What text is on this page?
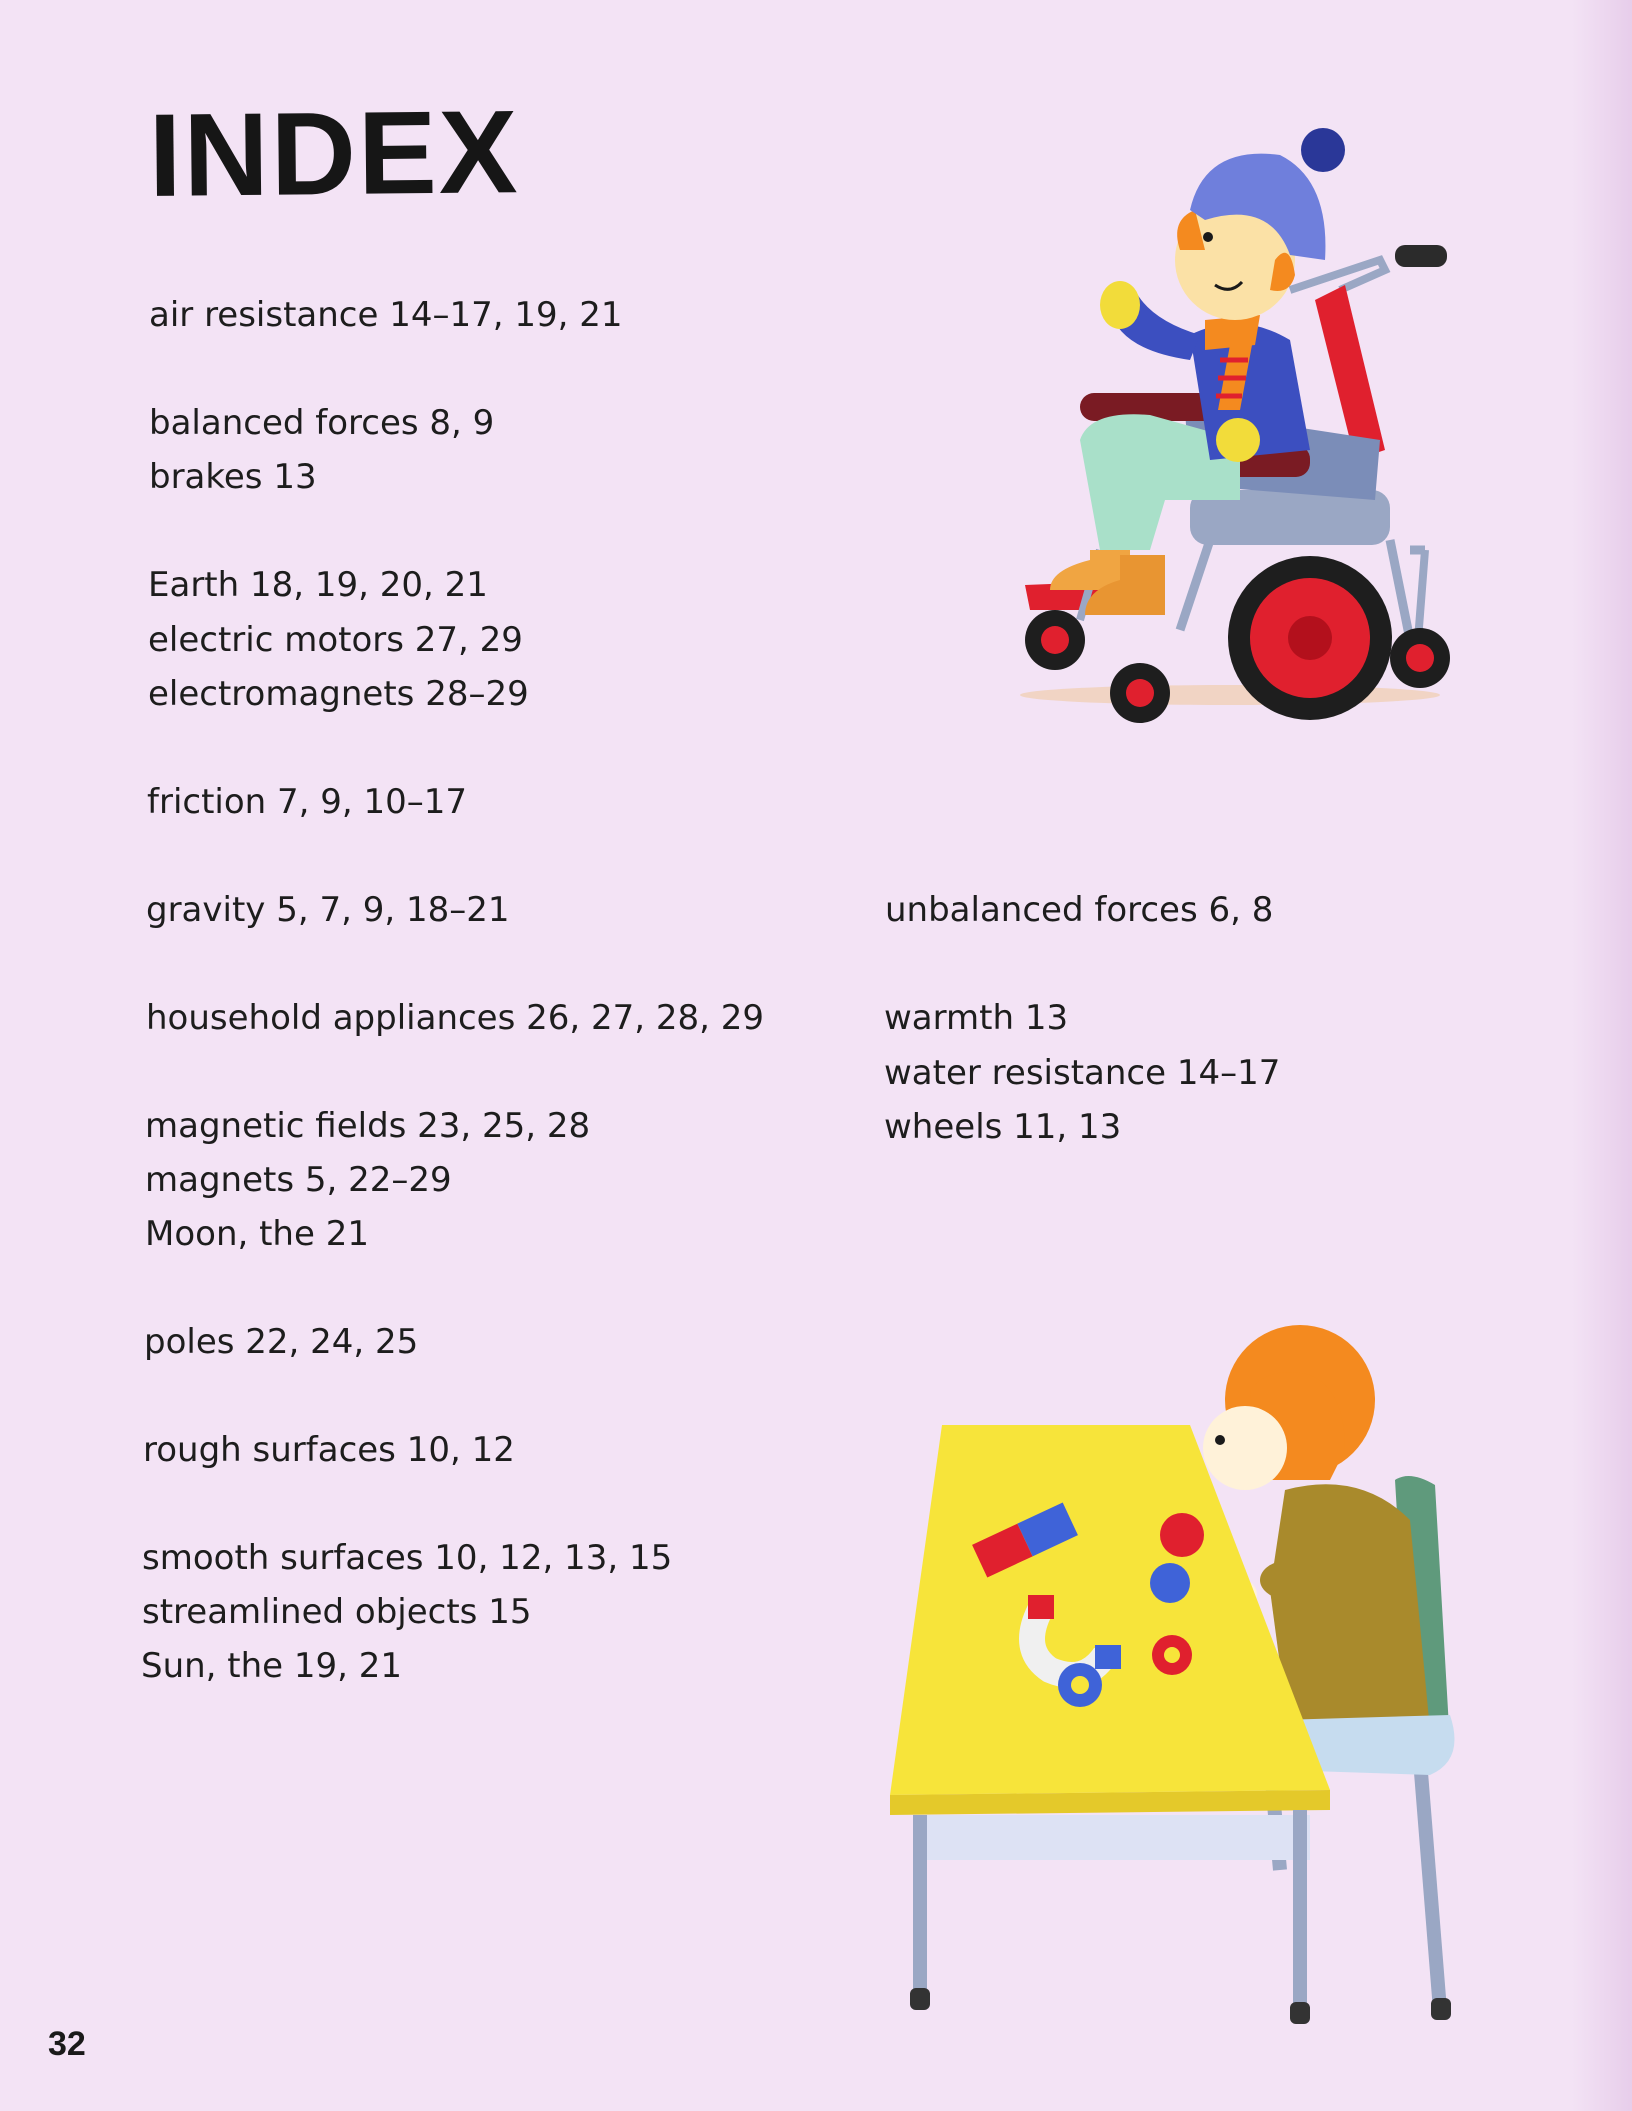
INDEX
air resistance 14–17, 19, 21
balanced forces 8, 9
brakes 13
Earth 18, 19, 20, 21
electric motors 27, 29
electromagnets 28–29
friction 7, 9, 10–17
gravity 5, 7, 9, 18–21
household appliances 26, 27, 28, 29
magnetic fields 23, 25, 28
magnets 5, 22–29
Moon, the 21
poles 22, 24, 25
rough surfaces 10, 12
smooth surfaces 10, 12, 13, 15
streamlined objects 15
Sun, the 19, 21
unbalanced forces 6, 8
warmth 13
water resistance 14–17
wheels 11, 13
32
